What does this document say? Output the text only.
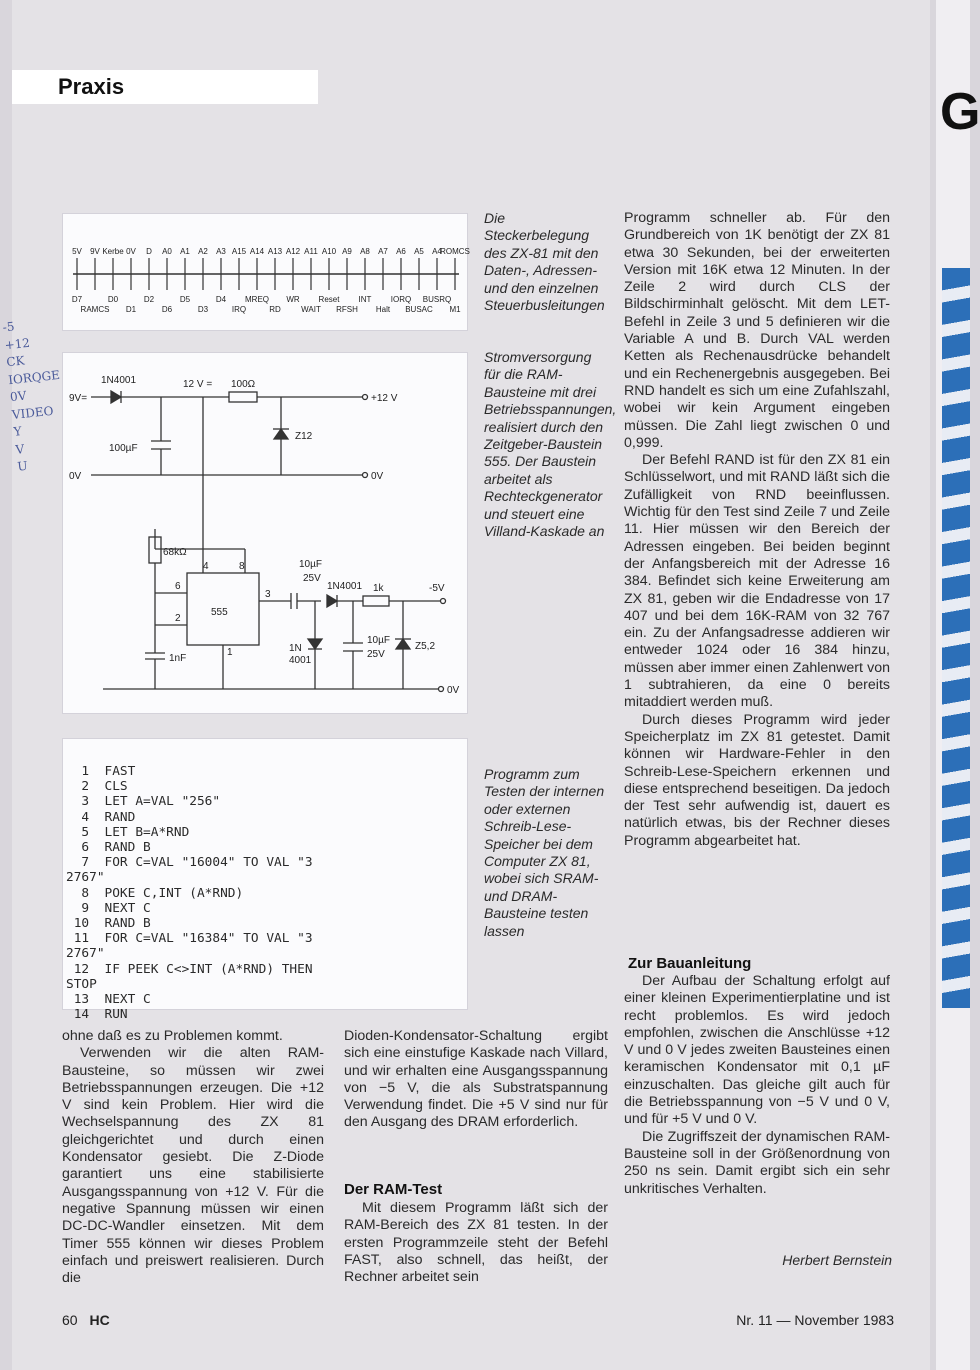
G
Praxis
-5
+12
CK
IORQGE
0V
VIDEO
Y
V
U
5V 9V Kerbe 0V D A0 A1 A2 A3 A15 A14 A13 A12 A11 A10 A9 A8 A7 A6 A5 A4
ROMCS
D7
RAMCS
D0
D1
D2
D6
D5
D3
D4
IRQ
MREQ
RD
WR
WAIT
Reset
RFSH
INT
Halt
IORQ
BUSAC
BUSRQ
M1

Die Steckerbelegung des ZX-81 mit den Daten-, Adressen- und den einzelnen Steuerbusleitungen

9V=
1N4001	12 V = 100Ω
+12 V
Z12
100µF
0V	0V
68kΩ
555
1nF
10µF
25V
1N4001 1k	-5V
1N
4001
10µF
25V
Z5,2
0V
4	8
6
2
3
1

Stromversorgung für die RAM-Bausteine mit drei Betriebsspannungen, realisiert durch den Zeitgeber-Baustein 555. Der Baustein arbeitet als Rechteckgenerator und steuert eine Villand-Kaskade an

1  FAST
2  CLS
3  LET A=VAL "256"
4  RAND
5  LET B=A*RND
6  RAND B
7  FOR C=VAL "16004" TO VAL "3
2767"
8  POKE C,INT (A*RND)
9  NEXT C
10  RAND B
11  FOR C=VAL "16384" TO VAL "3
2767"
12  IF PEEK C<>INT (A*RND) THEN
STOP
13  NEXT C
14  RUN

Programm zum Testen der internen oder externen Schreib-Lese-Speicher bei dem Computer ZX 81, wobei sich SRAM- und DRAM-Bausteine testen lassen

Programm schneller ab. Für den Grundbereich von 1K benötigt der ZX 81 etwa 30 Sekunden, bei der erweiterten Version mit 16K etwa 12 Minuten. In der Zeile 2 wird durch CLS der Bildschirminhalt gelöscht. Mit dem LET-Befehl in Zeile 3 und 5 definieren wir die Variable A und B. Durch VAL werden Ketten als Rechenausdrücke behandelt und ein Rechenergebnis ausgegeben. Bei RND handelt es sich um eine Zufahlszahl, wobei wir kein Argument eingeben müssen. Die Zahl liegt zwischen 0 und 0,999.

Der Befehl RAND ist für den ZX 81 ein Schlüsselwort, und mit RAND läßt sich die Zufälligkeit von RND beeinflussen. Wichtig für den Test sind Zeile 7 und Zeile 11. Hier müssen wir den Bereich der Adressen eingeben. Bei beiden beginnt der Anfangsbereich mit der Adresse 16 384. Befindet sich keine Erweiterung am ZX 81, geben wir die Endadresse von 17 407 und bei dem 16K-RAM von 32 767 ein. Zu der Anfangsadresse addieren wir entweder 1024 oder 16 384 hinzu, müssen aber immer einen Zahlenwert von 1 subtrahieren, da eine 0 bereits mitaddiert werden muß.

Durch dieses Programm wird jeder Speicherplatz im ZX 81 getestet. Damit können wir Hardware-Fehler in den Schreib-Lese-Speichern erkennen und diese entsprechend beseitigen. Da jedoch der Test sehr aufwendig ist, dauert es natürlich etwas, bis der Rechner dieses Programm abgearbeitet hat.

Zur Bauanleitung

Der Aufbau der Schaltung erfolgt auf einer kleinen Experimentierplatine und ist recht problemlos. Es wird jedoch empfohlen, zwischen die Anschlüsse +12 V und 0 V jedes zweiten Bausteines einen keramischen Kondensator mit 0,1 µF einzuschalten. Das gleiche gilt auch für die Betriebsspannung von −5 V und 0 V, und für +5 V und 0 V.

Die Zugriffszeit der dynamischen RAM-Bausteine soll in der Größenordnung von 250 ns sein. Damit ergibt sich ein sehr unkritisches Verhalten.

Herbert Bernstein

ohne daß es zu Problemen kommt.

Verwenden wir die alten RAM-Bausteine, so müssen wir zwei Betriebsspannungen erzeugen. Die +12 V sind kein Problem. Hier wird die Wechselspannung des ZX 81 gleichgerichtet und durch einen Kondensator gesiebt. Die Z-Diode garantiert uns eine stabilisierte Ausgangsspannung von +12 V. Für die negative Spannung müssen wir einen DC-DC-Wandler einsetzen. Mit dem Timer 555 können wir dieses Problem einfach und preiswert realisieren. Durch die

Dioden-Kondensator-Schaltung ergibt sich eine einstufige Kaskade nach Villard, und wir erhalten eine Ausgangsspannung von −5 V, die als Substratspannung Verwendung findet. Die +5 V sind nur für den Ausgang des DRAM erforderlich.

Der RAM-Test

Mit diesem Programm läßt sich der RAM-Bereich des ZX 81 testen. In der ersten Programmzeile steht der Befehl FAST, also schnell, das heißt, der Rechner arbeitet sein

60 HC	Nr. 11 — November 1983
